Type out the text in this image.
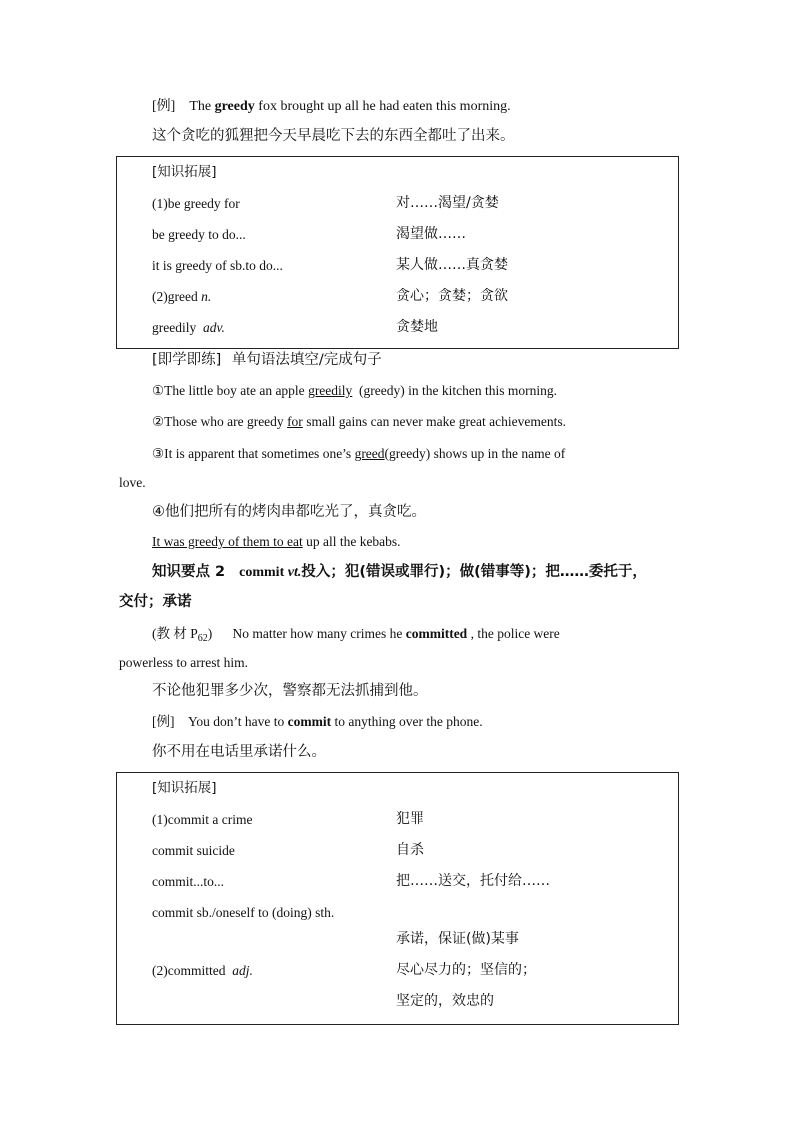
[例] The greedy fox brought up all he had eaten this morning.
这个贪吃的狐狸把今天早晨吃下去的东西全都吐了出来。
[知识拓展]
(1)be greedy for	对……渴望/贪婪
be greedy to do...	渴望做……
it is greedy of sb.to do...	某人做……真贪婪
(2)greed n.	贪心；贪婪；贪欲
greedily adv.	贪婪地
[即学即练] 单句语法填空/完成句子
①The little boy ate an apple greedily (greedy) in the kitchen this morning.
②Those who are greedy for small gains can never make great achievements.
③It is apparent that sometimes one’s greed(greedy) shows up in the name of
love.
④他们把所有的烤肉串都吃光了，真贪吃。
It was greedy of them to eat up all the kebabs.
知识要点 2 commit vt.投入；犯(错误或罪行)；做(错事等)；把……委托于，
交付；承诺
(教 材 $P_{62}$) No matter how many crimes he committed , the police were
powerless to arrest him.
不论他犯罪多少次，警察都无法抓捕到他。
[例] You don’t have to commit to anything over the phone.
你不用在电话里承诺什么。
[知识拓展]
(1)commit a crime	犯罪
commit suicide	自杀
commit...to...	把……送交，托付给……
commit sb./oneself to (doing) sth.
承诺，保证(做)某事
(2)committed adj.	尽心尽力的；坚信的；
坚定的，效忠的
